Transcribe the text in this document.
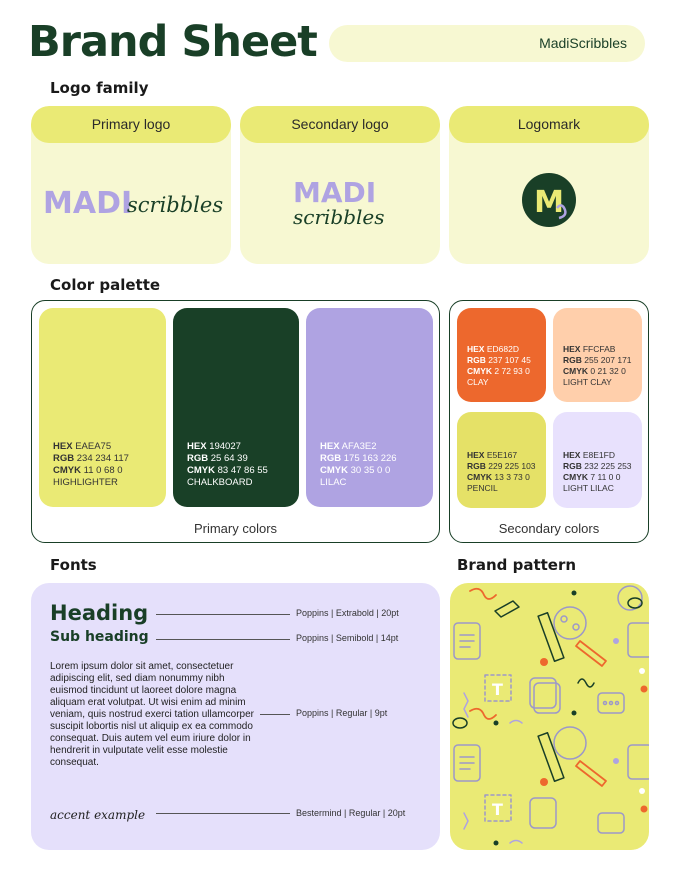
Brand Sheet	MadiScribbles
Logo family
Primary logo
MADI
scribbles
Secondary logo
MADI
scribbles
Logomark
M
Color palette
HEX EAEA75
RGB 234 234 117
CMYK 11 0 68 0
HIGHLIGHTER
HEX 194027
RGB 25 64 39
CMYK 83 47 86 55
CHALKBOARD
HEX AFA3E2
RGB 175 163 226
CMYK 30 35 0 0
LILAC
Primary colors
HEX ED682D
RGB 237 107 45
CMYK 2 72 93 0
CLAY
HEX FFCFAB
RGB 255 207 171
CMYK 0 21 32 0
LIGHT CLAY
HEX E5E167
RGB 229 225 103
CMYK 13 3 73 0
PENCIL
HEX E8E1FD
RGB 232 225 253
CMYK 7 11 0 0
LIGHT LILAC
Secondary colors
Fonts	Brand pattern
Heading	Poppins | Extrabold | 20pt
Sub heading	Poppins | Semibold | 14pt
Lorem ipsum dolor sit amet, consectetuer adipiscing elit, sed diam nonummy nibh euismod tincidunt ut laoreet dolore magna aliquam erat volutpat. Ut wisi enim ad minim veniam, quis nostrud exerci tation ullamcorper suscipit lobortis nisl ut aliquip ex ea commodo consequat. Duis autem vel eum iriure dolor in hendrerit in vulputate velit esse molestie consequat.
Poppins | Regular | 9pt
accent example	Bestermind | Regular | 20pt
T
T
